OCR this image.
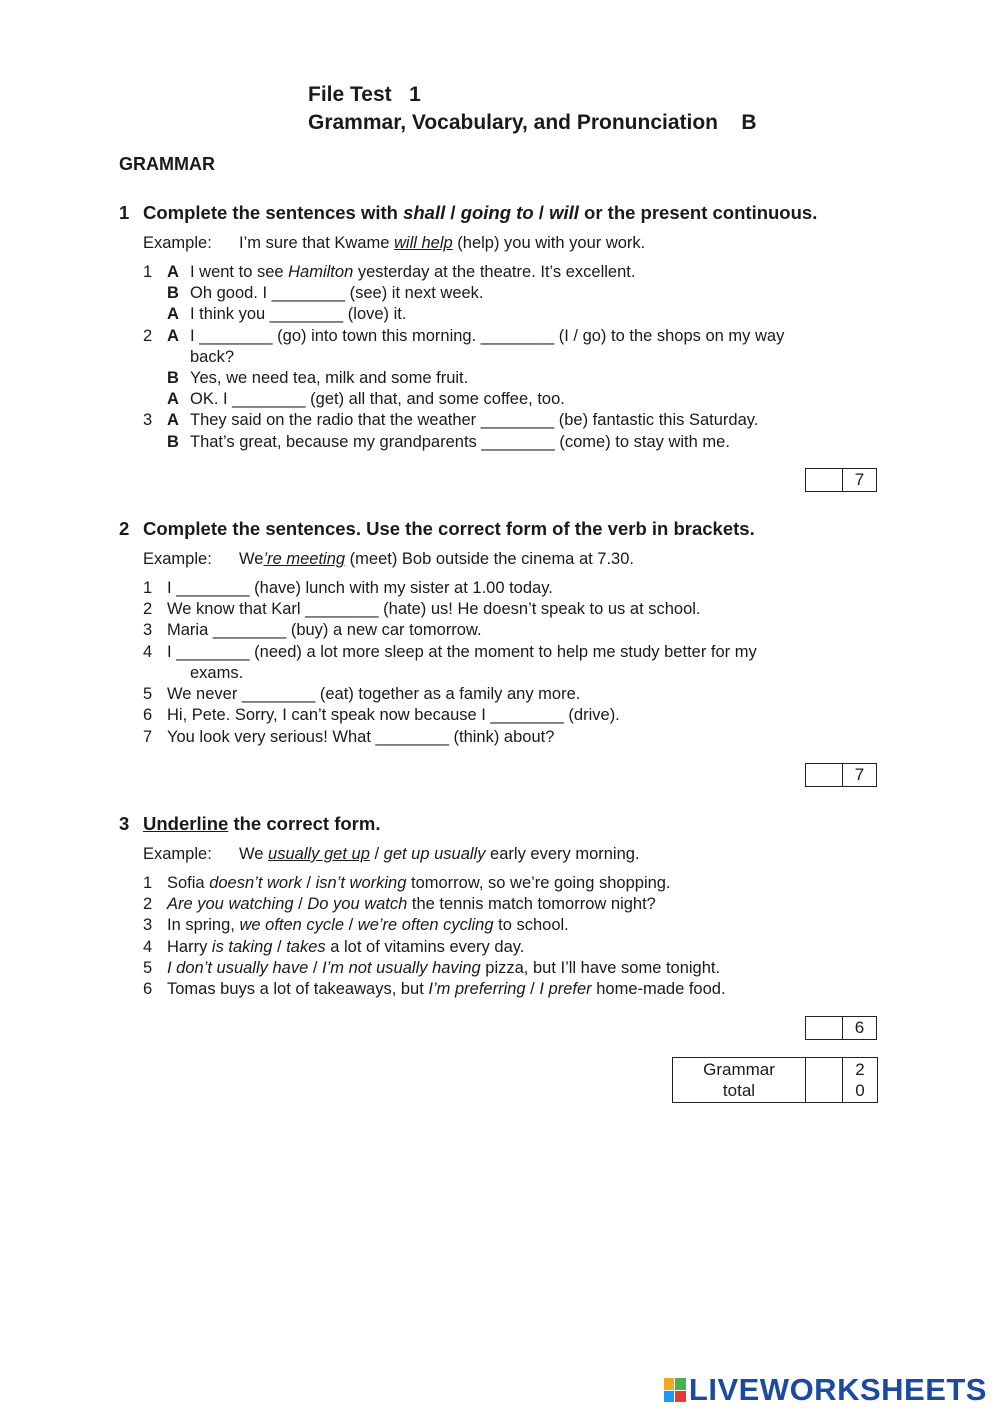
File Test 1
Grammar, Vocabulary, and Pronunciation B
GRAMMAR
1 Complete the sentences with shall / going to / will or the present continuous.
Example: I’m sure that Kwame will help (help) you with your work.
1 A I went to see Hamilton yesterday at the theatre. It’s excellent.
B Oh good. I ________ (see) it next week.
A I think you ________ (love) it.
2 A I ________ (go) into town this morning. ________ (I / go) to the shops on my way
back?
B Yes, we need tea, milk and some fruit.
A OK. I ________ (get) all that, and some coffee, too.
3 A They said on the radio that the weather ________ (be) fantastic this Saturday.
B That’s great, because my grandparents ________ (come) to stay with me.
7
2 Complete the sentences. Use the correct form of the verb in brackets.
Example: We’re meeting (meet) Bob outside the cinema at 7.30.
1 I ________ (have) lunch with my sister at 1.00 today.
2 We know that Karl ________ (hate) us! He doesn’t speak to us at school.
3 Maria ________ (buy) a new car tomorrow.
4 I ________ (need) a lot more sleep at the moment to help me study better for my
exams.
5 We never ________ (eat) together as a family any more.
6 Hi, Pete. Sorry, I can’t speak now because I ________ (drive).
7 You look very serious! What ________ (think) about?
7
3 Underline the correct form.
Example: We usually get up / get up usually early every morning.
1 Sofia doesn’t work / isn’t working tomorrow, so we’re going shopping.
2 Are you watching / Do you watch the tennis match tomorrow night?
3 In spring, we often cycle / we’re often cycling to school.
4 Harry is taking / takes a lot of vitamins every day.
5 I don’t usually have / I’m not usually having pizza, but I’ll have some tonight.
6 Tomas buys a lot of takeaways, but I’m preferring / I prefer home-made food.
6
Grammar
total
2
0
LIVEWORKSHEETS
